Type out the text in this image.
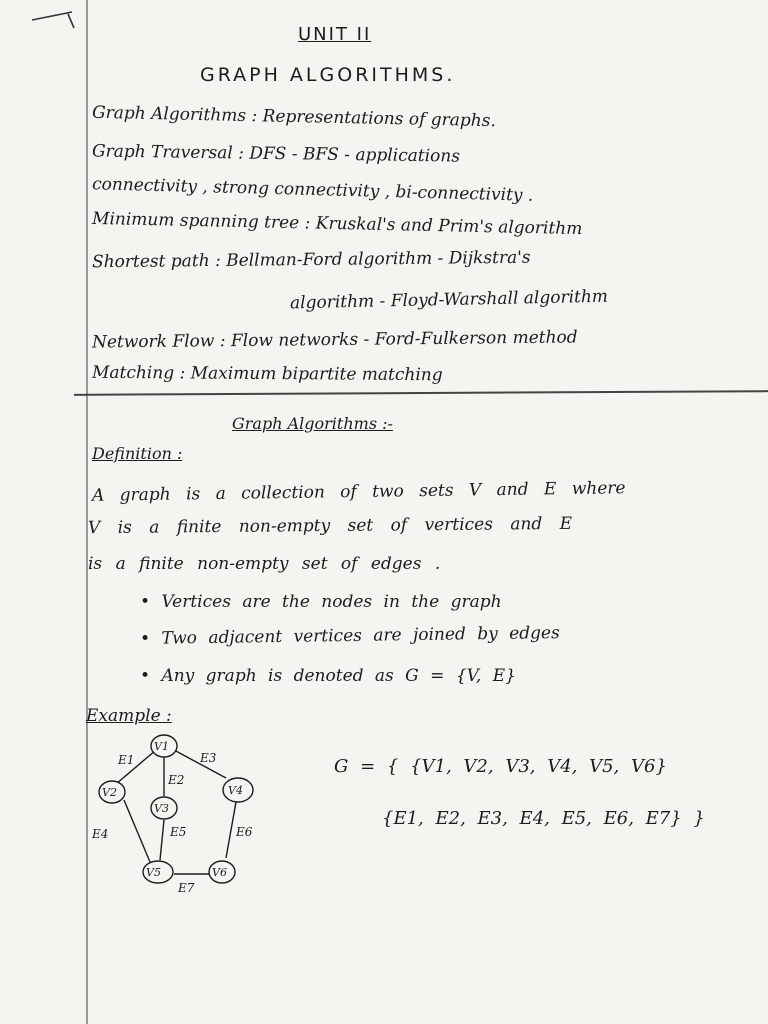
UNIT II
GRAPH ALGORITHMS.
Graph Algorithms : Representations of graphs.
Graph Traversal : DFS - BFS - applications
connectivity , strong connectivity , bi-connectivity .
Minimum spanning tree : Kruskal's and Prim's algorithm
Shortest path : Bellman-Ford algorithm - Dijkstra's
algorithm - Floyd-Warshall algorithm
Network Flow : Flow networks - Ford-Fulkerson method
Matching : Maximum bipartite matching
Graph Algorithms :-
Definition :
A graph is a collection of two sets V and E where
V is a finite non-empty set of vertices and E
is a finite non-empty set of edges .
• Vertices are the nodes in the graph
• Two adjacent vertices are joined by edges
• Any graph is denoted as G = {V, E}
Example :
V1
V2
V3
V4
V5	V6
E1
E2
E3
E4	E5	E6
E7
G = { {V1, V2, V3, V4, V5, V6}
{E1, E2, E3, E4, E5, E6, E7} }
